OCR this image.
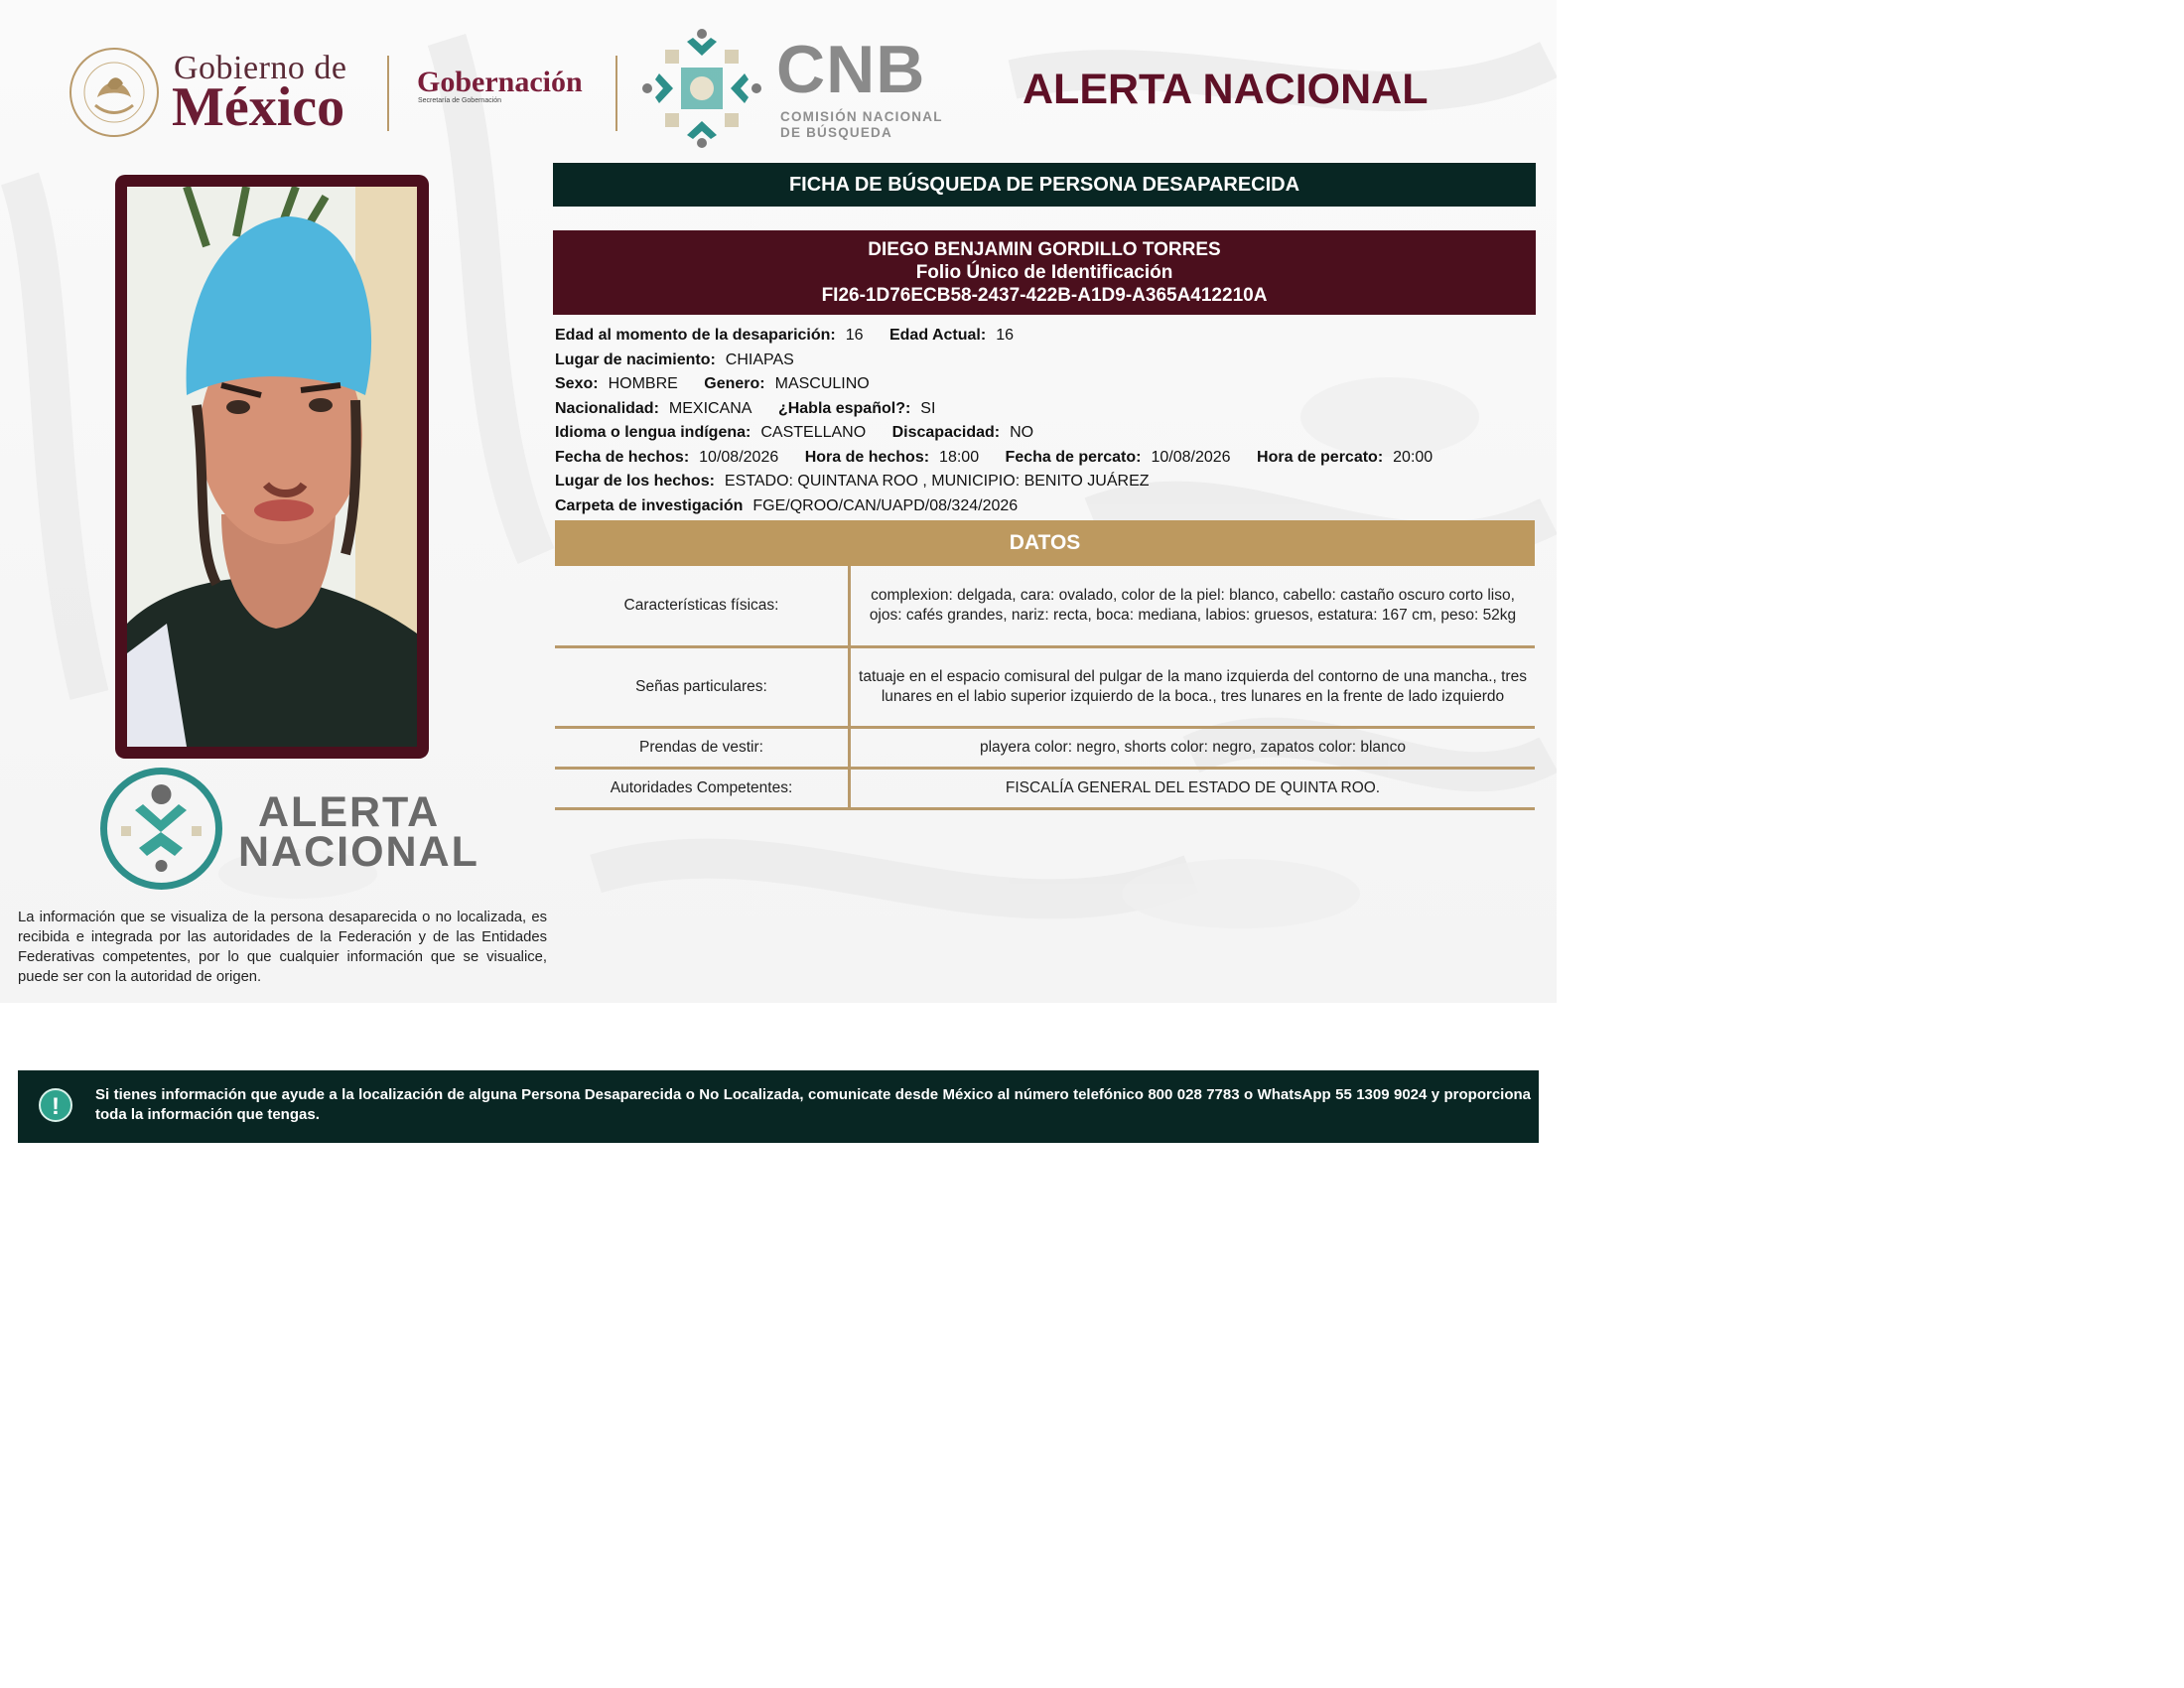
Gobierno de
México Gobernación
Secretaría de Gobernación	CNB
COMISIÓN NACIONAL
DE BÚSQUEDA
ALERTA NACIONAL
FICHA DE BÚSQUEDA DE PERSONA DESAPARECIDA
DIEGO BENJAMIN GORDILLO TORRES
Folio Único de Identificación
FI26-1D76ECB58-2437-422B-A1D9-A365A412210A
Edad al momento de la desaparición: 16 Edad Actual: 16
Lugar de nacimiento: CHIAPAS
Sexo: HOMBRE Genero: MASCULINO
Nacionalidad: MEXICANA ¿Habla español?: SI
Idioma o lengua indígena: CASTELLANO Discapacidad: NO
Fecha de hechos: 10/08/2026 Hora de hechos: 18:00 Fecha de percato: 10/08/2026 Hora de percato: 20:00
Lugar de los hechos: ESTADO: QUINTANA ROO , MUNICIPIO: BENITO JUÁREZ
Carpeta de investigación FGE/QROO/CAN/UAPD/08/324/2026
DATOS
Características físicas:	complexion: delgada, cara: ovalado, color de la piel: blanco, cabello: castaño oscuro corto liso, ojos: cafés grandes, nariz: recta, boca: mediana, labios: gruesos, estatura: 167 cm, peso: 52kg
Señas particulares:	tatuaje en el espacio comisural del pulgar de la mano izquierda del contorno de una mancha., tres lunares en el labio superior izquierdo de la boca., tres lunares en la frente de lado izquierdo
Prendas de vestir:	playera color: negro, shorts color: negro, zapatos color: blanco
Autoridades Competentes:	FISCALÍA GENERAL DEL ESTADO DE QUINTA ROO.
ALERTA
NACIONAL
La información que se visualiza de la persona desaparecida o no localizada, es recibida e integrada por las autoridades de la Federación y de las Entidades Federativas competentes, por lo que cualquier información que se visualice, puede ser con la autoridad de origen.
Si tienes información que ayude a la localización de alguna Persona Desaparecida o No Localizada, comunicate desde México al número telefónico 800 028 7783 o WhatsApp 55 1309 9024 y proporciona toda la información que tengas.
!
